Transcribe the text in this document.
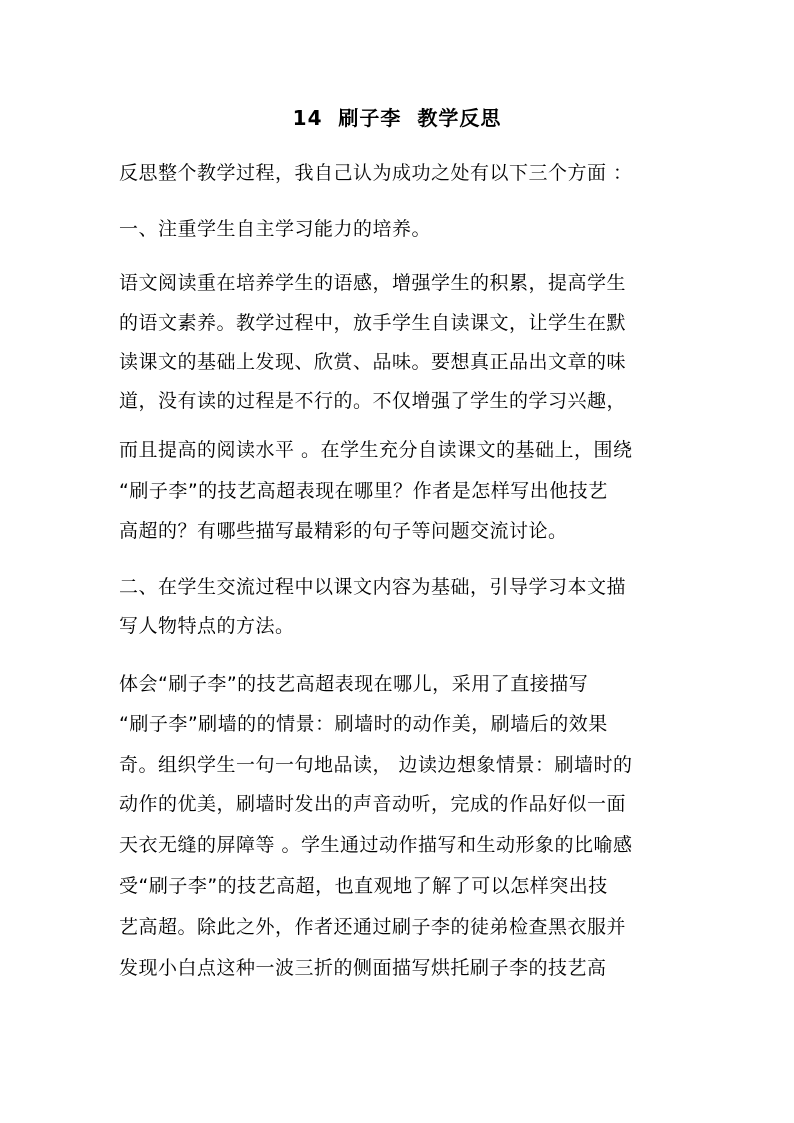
14  刷子李  教学反思
反思整个教学过程，我自己认为成功之处有以下三个方面 ：
一、注重学生自主学习能力的培养。
语文阅读重在培养学生的语感，增强学生的积累，提高学生
的语文素养。教学过程中，放手学生自读课文，让学生在默
读课文的基础上发现、欣赏、品味。要想真正品出文章的味
道，没有读的过程是不行的。不仅增强了学生的学习兴趣，
而且提高的阅读水平 。在学生充分自读课文的基础上，围绕
“刷子李”的技艺高超表现在哪里？作者是怎样写出他技艺
高超的？有哪些描写最精彩的句子等问题交流讨论。
二、在学生交流过程中以课文内容为基础，引导学习本文描
写人物特点的方法。
体会“刷子李”的技艺高超表现在哪儿，采用了直接描写
“刷子李”刷墙的的情景：刷墙时的动作美，刷墙后的效果
奇。组织学生一句一句地品读， 边读边想象情景：刷墙时的
动作的优美，刷墙时发出的声音动听，完成的作品好似一面
天衣无缝的屏障等 。学生通过动作描写和生动形象的比喻感
受“刷子李”的技艺高超，也直观地了解了可以怎样突出技
艺高超。除此之外，作者还通过刷子李的徒弟检查黑衣服并
发现小白点这种一波三折的侧面描写烘托刷子李的技艺高
